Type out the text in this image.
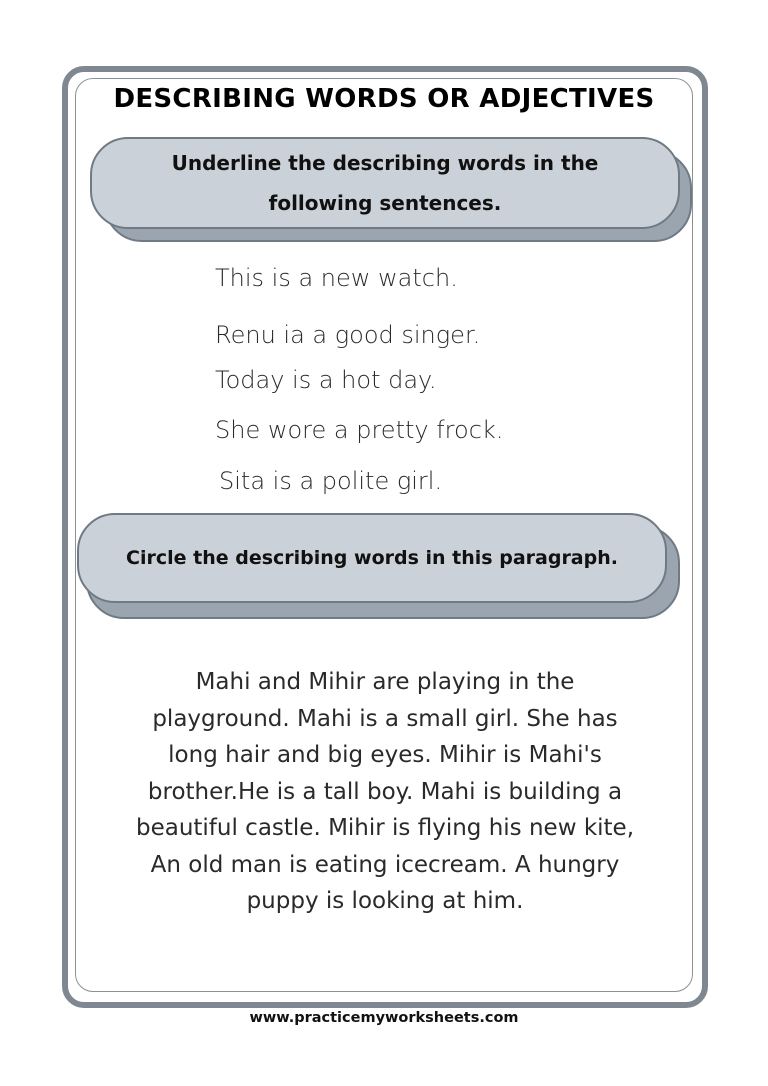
DESCRIBING WORDS OR ADJECTIVES
Underline the describing words in the
following sentences.
This is a new watch.
Renu ia a good singer.
Today is a hot day.
She wore a pretty frock.
Sita is a polite girl.
Circle the describing words in this paragraph.
Mahi and Mihir are playing in the
playground. Mahi is a small girl. She has
long hair and big eyes. Mihir is Mahi's
brother.He is a tall boy. Mahi is building a
beautiful castle. Mihir is flying his new kite,
An old man is eating icecream. A hungry
puppy is looking at him.
www.practicemyworksheets.com
